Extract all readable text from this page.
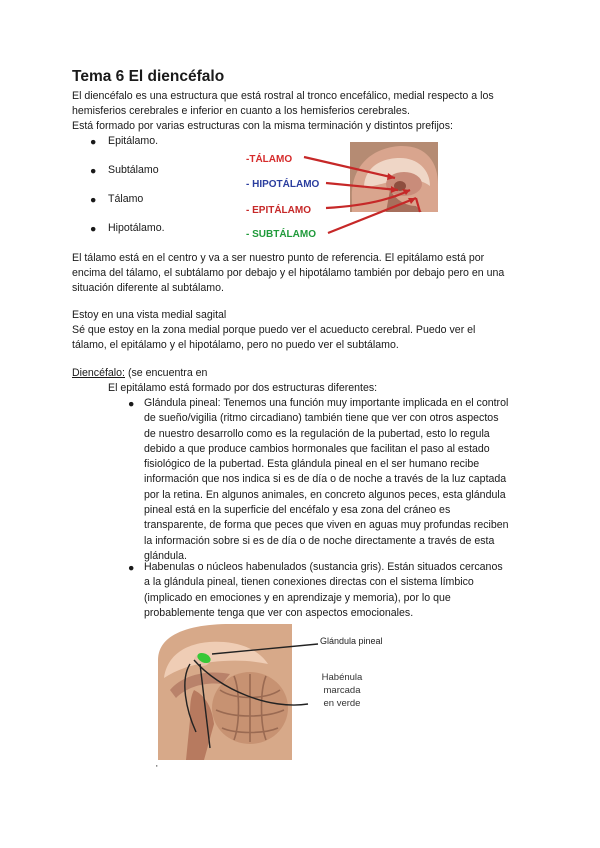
Tema 6 El diencéfalo
El diencéfalo es una estructura que está rostral al tronco encefálico, medial respecto a los
hemisferios cerebrales e inferior en cuanto a los hemisferios cerebrales.
Está formado por varias estructuras con la misma terminación y distintos prefijos:
● Epitálamo.
● Subtálamo
● Tálamo
● Hipotálamo.
-TÁLAMO
- HIPOTÁLAMO
- EPITÁLAMO
- SUBTÁLAMO
El tálamo está en el centro y va a ser nuestro punto de referencia. El epitálamo está por
encima del tálamo, el subtálamo por debajo y el hipotálamo también por debajo pero en una
situación diferente al subtálamo.
Estoy en una vista medial sagital
Sé que estoy en la zona medial porque puedo ver el acueducto cerebral. Puedo ver el
tálamo, el epitálamo y el hipotálamo, pero no puedo ver el subtálamo.
Diencéfalo: (se encuentra en
El epitálamo está formado por dos estructuras diferentes:
● Glándula pineal: Tenemos una función muy importante implicada en el control
de sueño/vigilia (ritmo circadiano) también tiene que ver con otros aspectos
de nuestro desarrollo como es la regulación de la pubertad, esto lo regula
debido a que produce cambios hormonales que facilitan el paso al estado
fisiológico de la pubertad. Esta glándula pineal en el ser humano recibe
información que nos indica si es de día o de noche a través de la luz captada
por la retina. En algunos animales, en concreto algunos peces, esta glándula
pineal está en la superficie del encéfalo y esa zona del cráneo es
transparente, de forma que peces que viven en aguas muy profundas reciben
la información sobre si es de día o de noche directamente a través de esta
glándula.
● Habenulas o núcleos habenulados (sustancia gris). Están situados cercanos
a la glándula pineal, tienen conexiones directas con el sistema límbico
(implicado en emociones y en aprendizaje y memoria), por lo que
probablemente tenga que ver con aspectos emocionales.
Glándula pineal
Habénula
marcada
en verde
·
